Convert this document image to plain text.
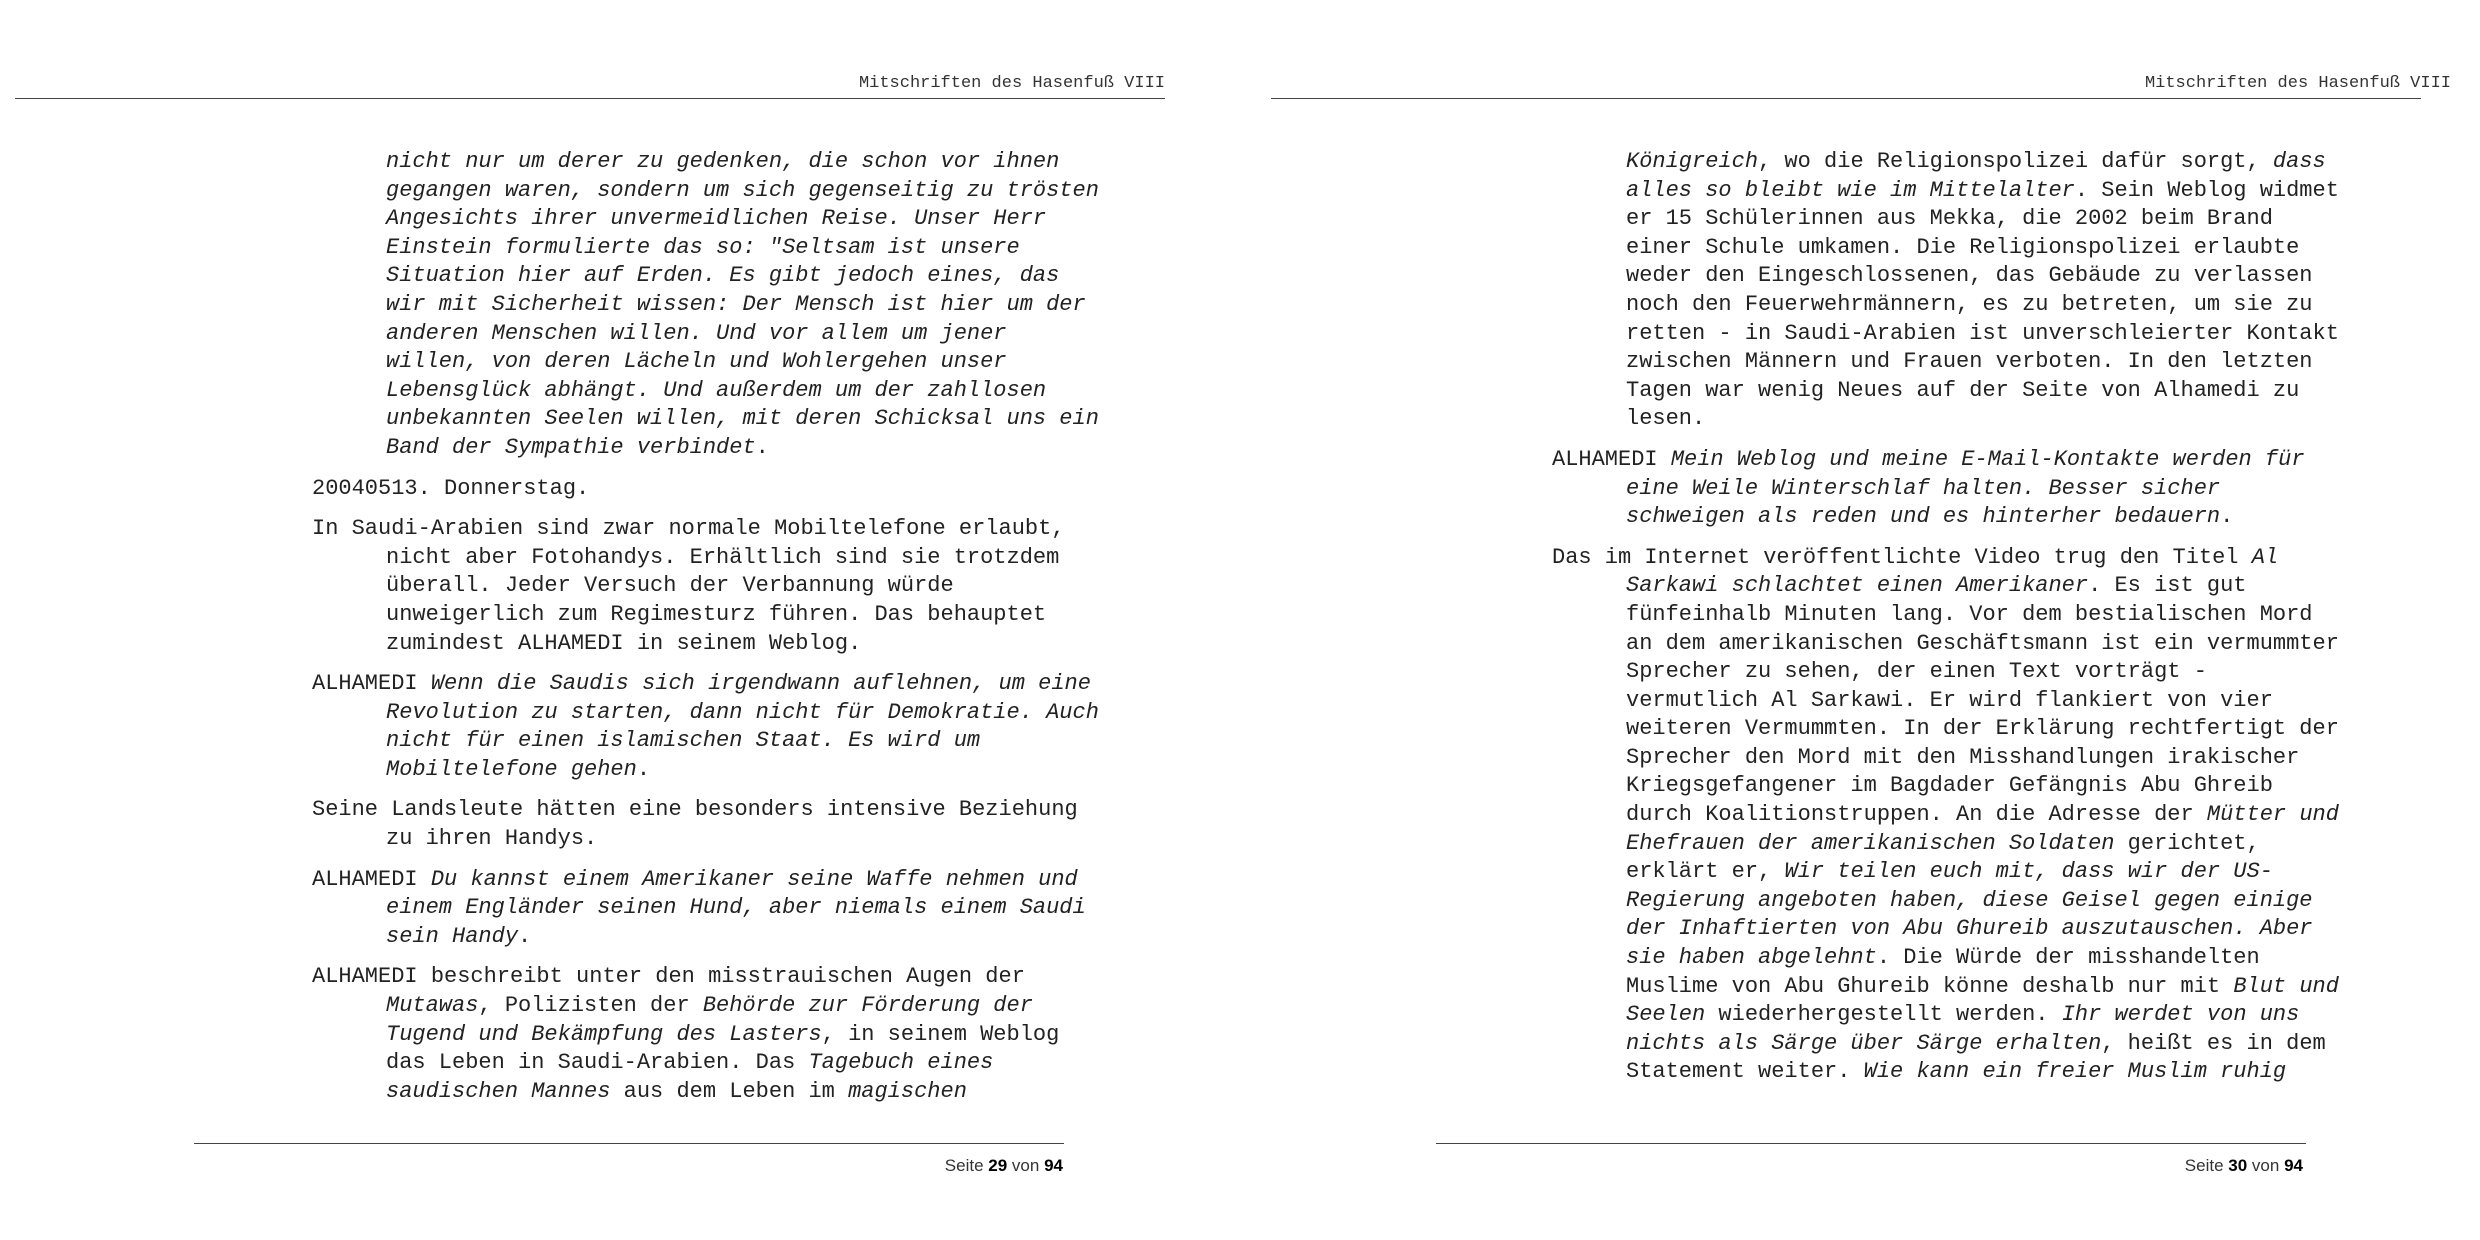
Mitschriften des Hasenfuß VIII

nicht nur um derer zu gedenken, die schon vor ihnen gegangen waren, sondern um sich gegenseitig zu trösten Angesichts ihrer unvermeidlichen Reise. Unser Herr Einstein formulierte das so: "Seltsam ist unsere Situation hier auf Erden. Es gibt jedoch eines, das wir mit Sicherheit wissen: Der Mensch ist hier um der anderen Menschen willen. Und vor allem um jener willen, von deren Lächeln und Wohlergehen unser Lebensglück abhängt. Und außerdem um der zahllosen unbekannten Seelen willen, mit deren Schicksal uns ein Band der Sympathie verbindet.

20040513. Donnerstag.

In Saudi-Arabien sind zwar normale Mobiltelefone erlaubt, nicht aber Fotohandys. Erhältlich sind sie trotzdem überall. Jeder Versuch der Verbannung würde unweigerlich zum Regimesturz führen. Das behauptet zumindest ALHAMEDI in seinem Weblog.

ALHAMEDI Wenn die Saudis sich irgendwann auflehnen, um eine Revolution zu starten, dann nicht für Demokratie. Auch nicht für einen islamischen Staat. Es wird um Mobiltelefone gehen.

Seine Landsleute hätten eine besonders intensive Beziehung zu ihren Handys.

ALHAMEDI Du kannst einem Amerikaner seine Waffe nehmen und einem Engländer seinen Hund, aber niemals einem Saudi sein Handy.

ALHAMEDI beschreibt unter den misstrauischen Augen der Mutawas, Polizisten der Behörde zur Förderung der Tugend und Bekämpfung des Lasters, in seinem Weblog das Leben in Saudi-Arabien. Das Tagebuch eines saudischen Mannes aus dem Leben im magischen

Seite 29 von 94
Mitschriften des Hasenfuß VIII

Königreich, wo die Religionspolizei dafür sorgt, dass alles so bleibt wie im Mittelalter. Sein Weblog widmet er 15 Schülerinnen aus Mekka, die 2002 beim Brand einer Schule umkamen. Die Religionspolizei erlaubte weder den Eingeschlossenen, das Gebäude zu verlassen noch den Feuerwehrmännern, es zu betreten, um sie zu retten - in Saudi-Arabien ist unverschleierter Kontakt zwischen Männern und Frauen verboten. In den letzten Tagen war wenig Neues auf der Seite von Alhamedi zu lesen.

ALHAMEDI Mein Weblog und meine E-Mail-Kontakte werden für eine Weile Winterschlaf halten. Besser sicher schweigen als reden und es hinterher bedauern.

Das im Internet veröffentlichte Video trug den Titel Al Sarkawi schlachtet einen Amerikaner. Es ist gut fünfeinhalb Minuten lang. Vor dem bestialischen Mord an dem amerikanischen Geschäftsmann ist ein vermummter Sprecher zu sehen, der einen Text vorträgt - vermutlich Al Sarkawi. Er wird flankiert von vier weiteren Vermummten. In der Erklärung rechtfertigt der Sprecher den Mord mit den Misshandlungen irakischer Kriegsgefangener im Bagdader Gefängnis Abu Ghreib durch Koalitionstruppen. An die Adresse der Mütter und Ehefrauen der amerikanischen Soldaten gerichtet, erklärt er, Wir teilen euch mit, dass wir der US-Regierung angeboten haben, diese Geisel gegen einige der Inhaftierten von Abu Ghureib auszutauschen. Aber sie haben abgelehnt. Die Würde der misshandelten Muslime von Abu Ghureib könne deshalb nur mit Blut und Seelen wiederhergestellt werden. Ihr werdet von uns nichts als Särge über Särge erhalten, heißt es in dem Statement weiter. Wie kann ein freier Muslim ruhig

Seite 30 von 94
